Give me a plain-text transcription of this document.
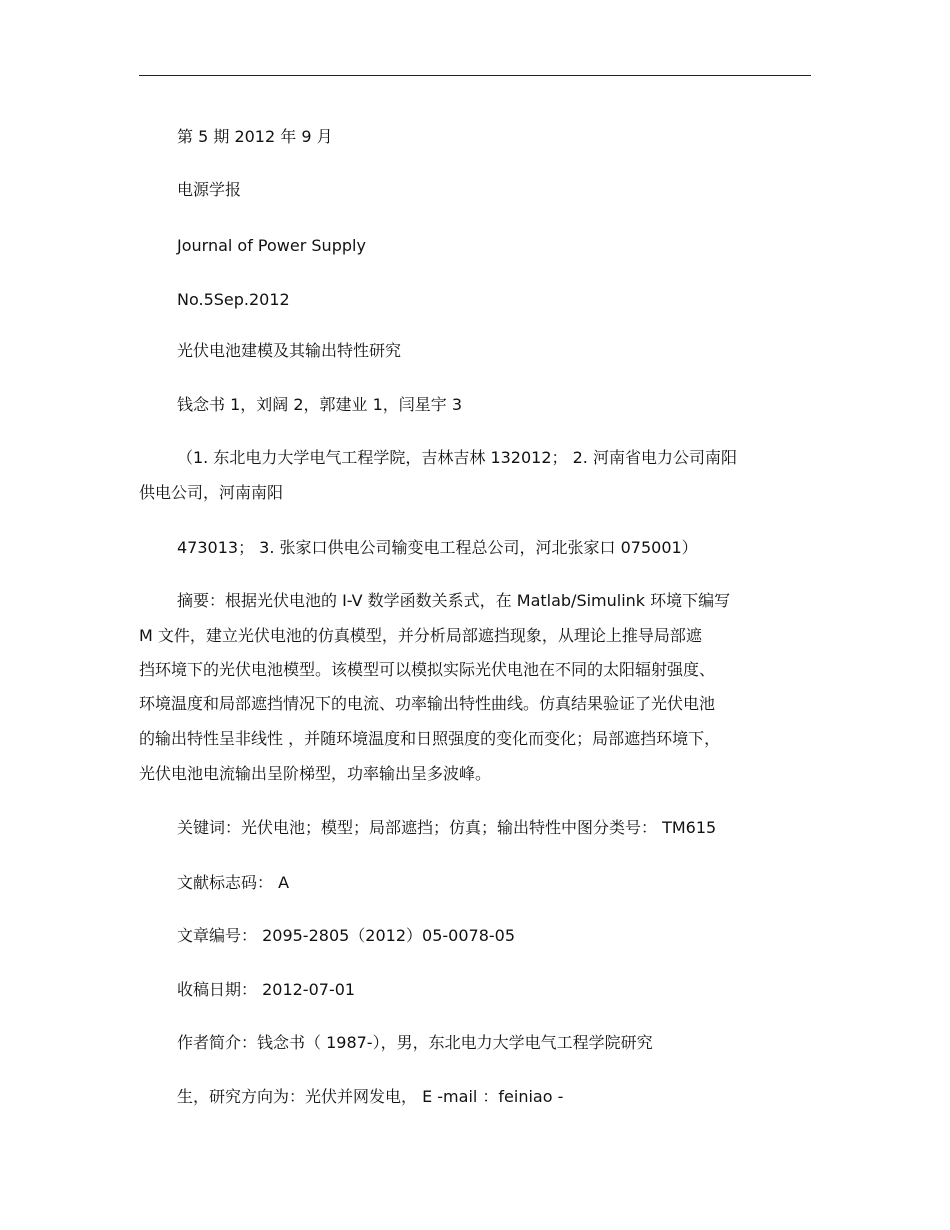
第 5 期 2012 年 9 月
电源学报
Journal of Power Supply
No.5Sep.2012
光伏电池建模及其输出特性研究
钱念书 1，刘阔 2，郭建业 1，闫星宇 3
（1. 东北电力大学电气工程学院，吉林吉林 132012； 2. 河南省电力公司南阳
供电公司，河南南阳
473013； 3. 张家口供电公司输变电工程总公司，河北张家口 075001）
摘要：根据光伏电池的 I-V 数学函数关系式，在 Matlab/Simulink 环境下编写
M 文件，建立光伏电池的仿真模型，并分析局部遮挡现象，从理论上推导局部遮
挡环境下的光伏电池模型。该模型可以模拟实际光伏电池在不同的太阳辐射强度、
环境温度和局部遮挡情况下的电流、功率输出特性曲线。仿真结果验证了光伏电池
的输出特性呈非线性 ，并随环境温度和日照强度的变化而变化；局部遮挡环境下，
光伏电池电流输出呈阶梯型，功率输出呈多波峰。
关键词：光伏电池；模型；局部遮挡；仿真；输出特性中图分类号： TM615
文献标志码： A
文章编号： 2095-2805（2012）05-0078-05
收稿日期： 2012-07-01
作者简介：钱念书（ 1987-），男，东北电力大学电气工程学院研究
生，研究方向为：光伏并网发电， E -mail ：feiniao -
